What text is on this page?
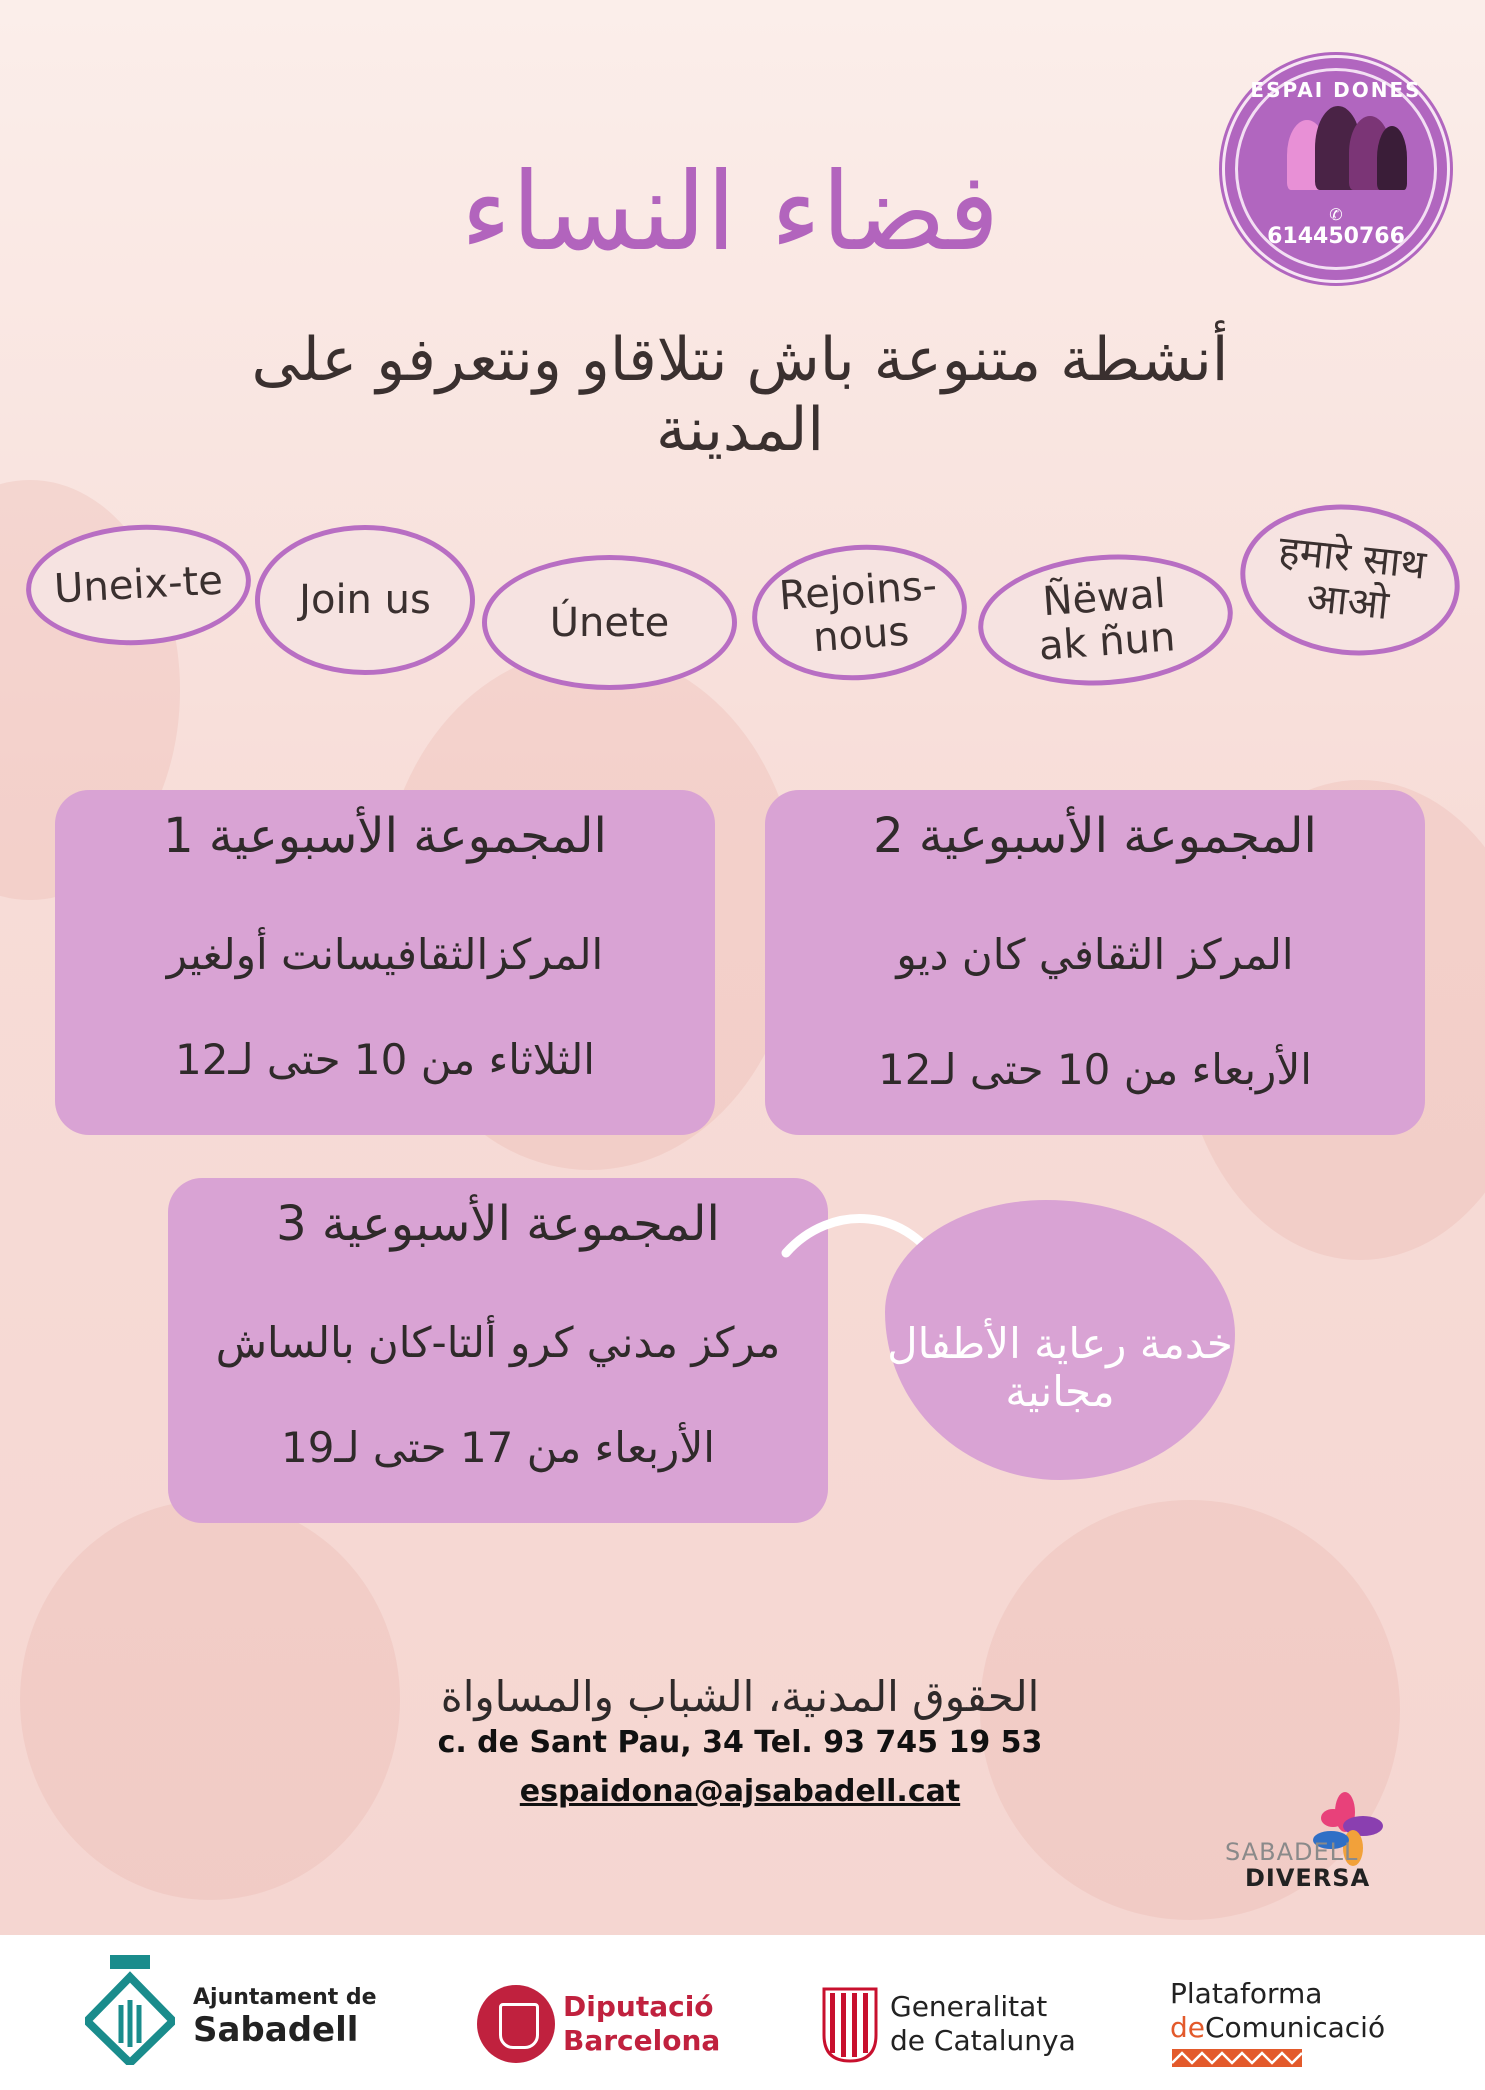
ESPAI DONES
✆
614450766
فضاء النساء
أنشطة متنوعة باش نتلاقاو ونتعرفو على المدينة
Uneix-te Join us	Únete
Rejoins-nous
Ñëwal ak ñun
हमारे साथ आओ
المجموعة الأسبوعية 1
المركزالثقافيسانت أولغير
الثلاثاء من 10 حتى لـ12
المجموعة الأسبوعية 2
المركز الثقافي كان ديو
الأربعاء من 10 حتى لـ12
المجموعة الأسبوعية 3
مركز مدني كرو ألتا-كان بالساش
الأربعاء من 17 حتى لـ19
خدمة رعاية الأطفال مجانية
الحقوق المدنية، الشباب والمساواة
c. de Sant Pau, 34 Tel. 93 745 19 53
espaidona@ajsabadell.cat
SABADELL
DIVERSA
Ajuntament de
Sabadell
Diputació
Barcelona
Generalitat
de Catalunya
Plataforma
deComunicació
